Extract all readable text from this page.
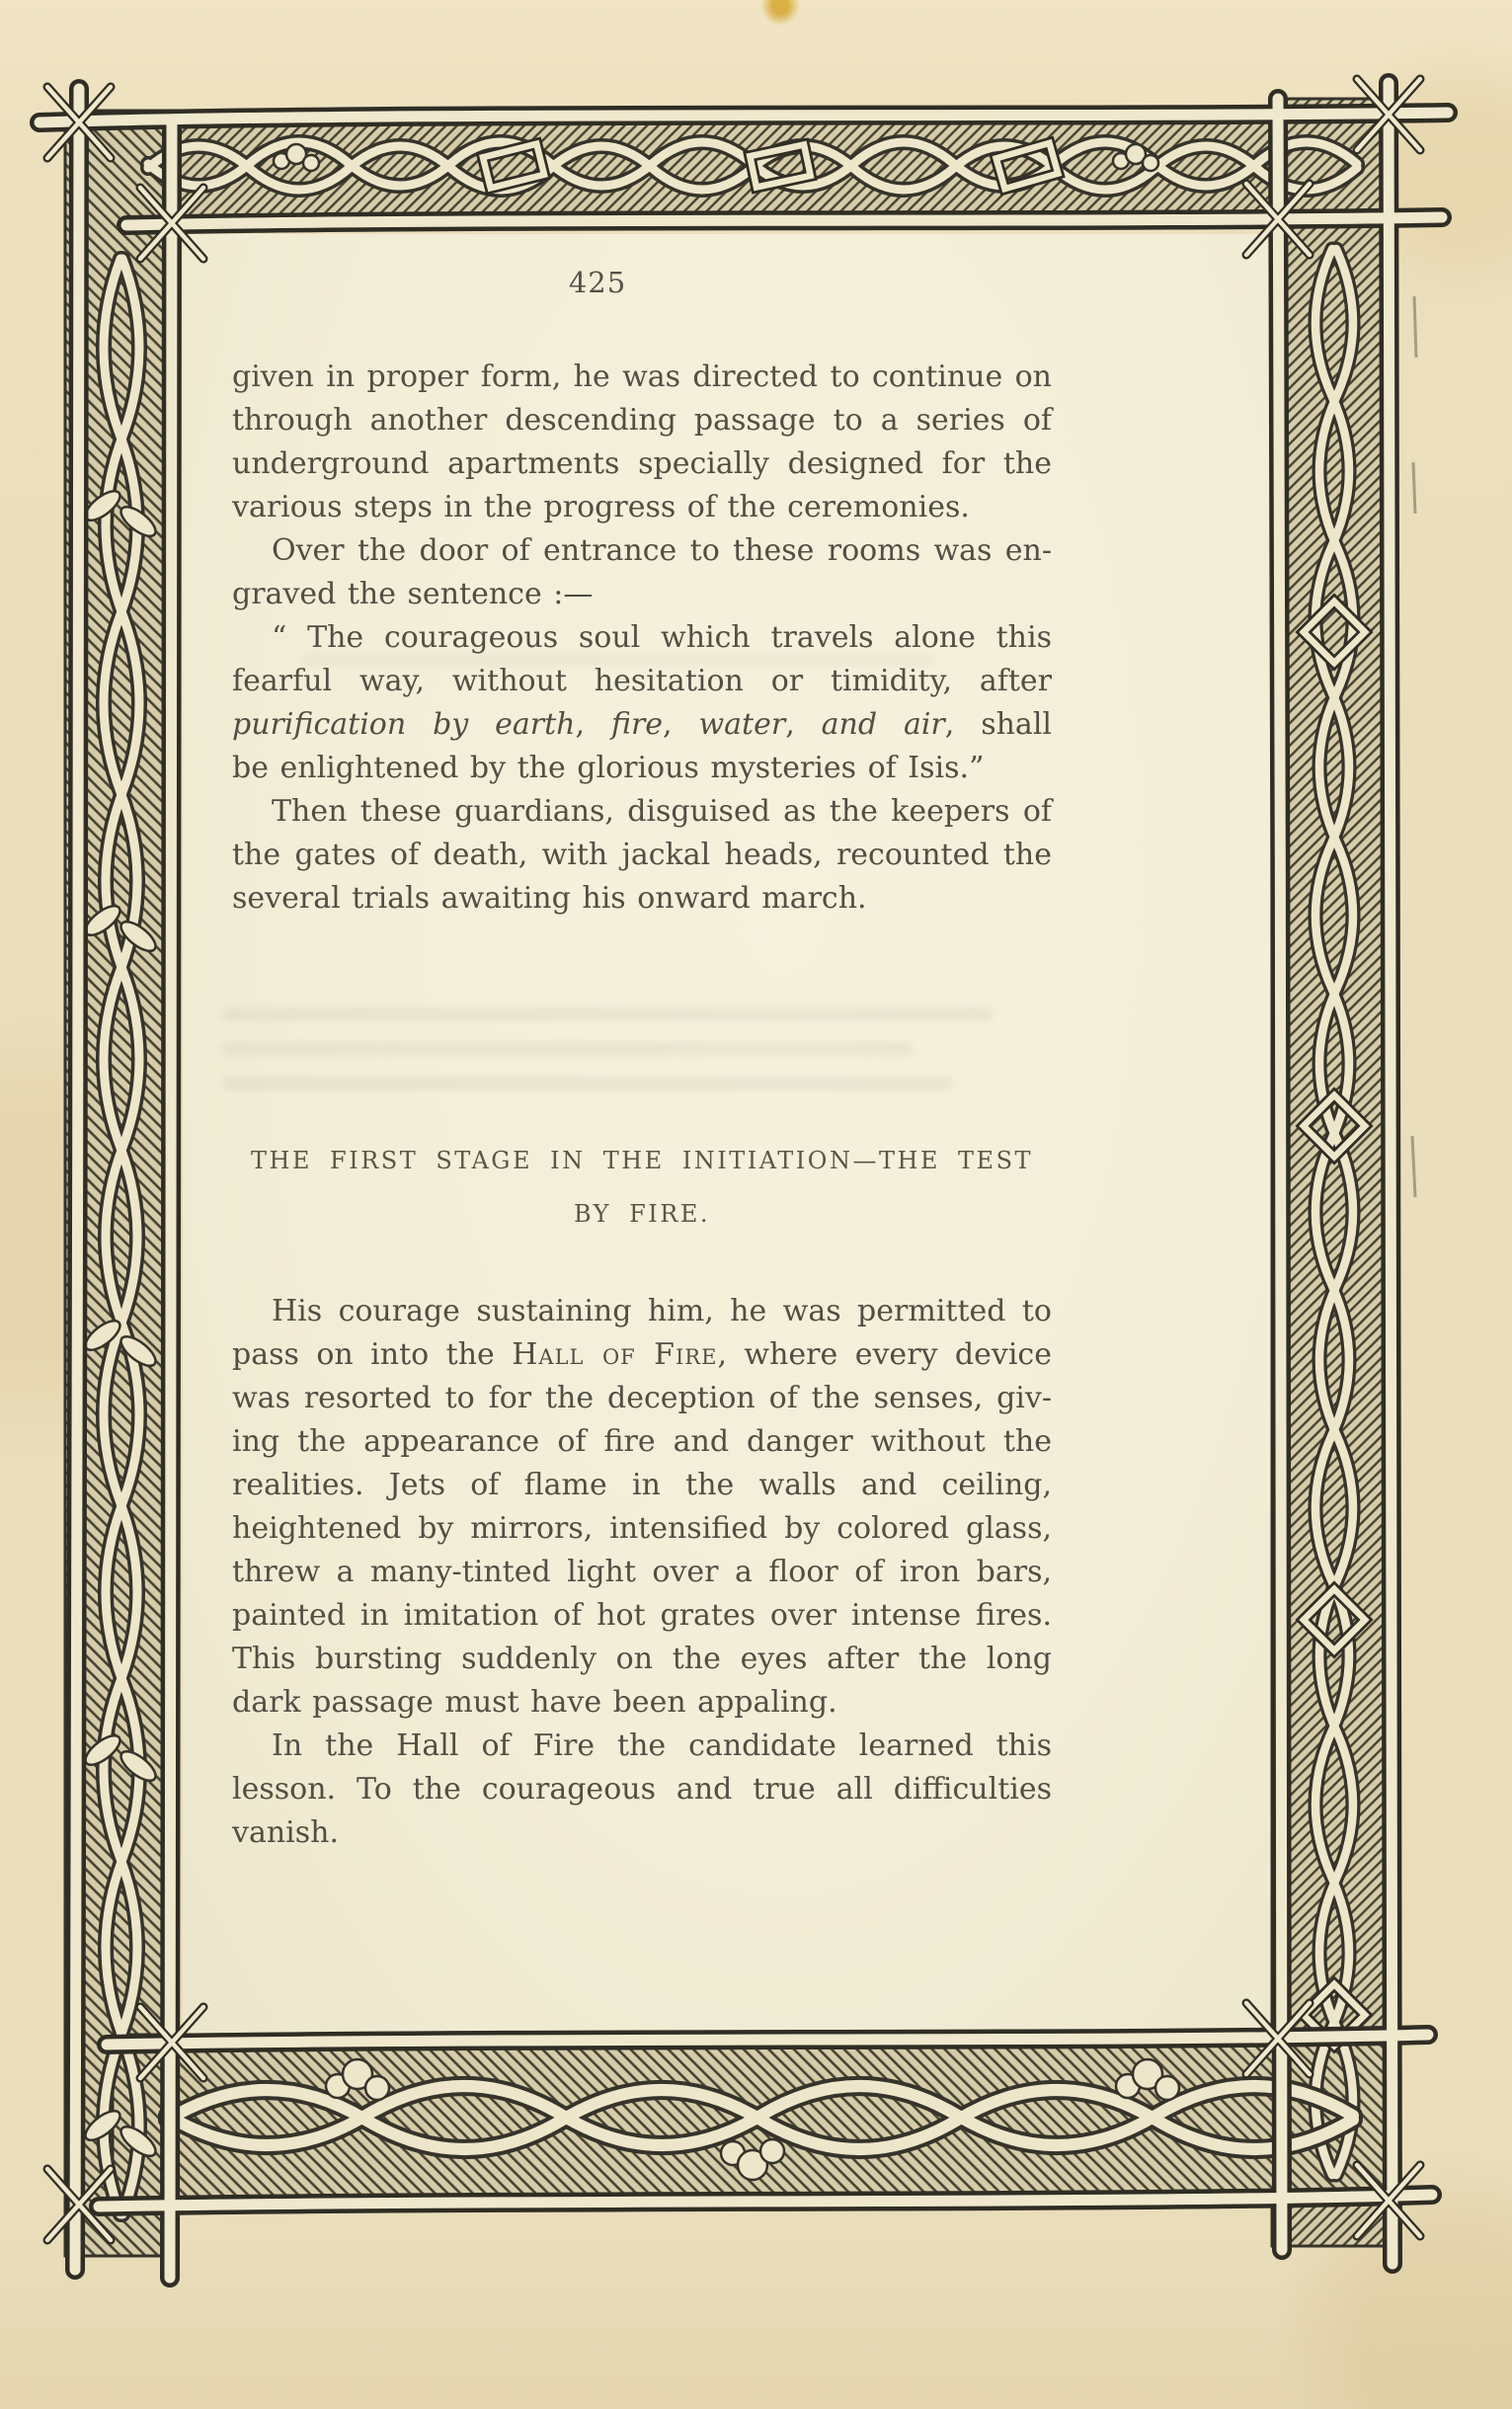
425
given in proper form, he was directed to continue on
through another descending passage to a series of
underground apartments specially designed for the
various steps in the progress of the ceremonies.
Over the door of entrance to these rooms was en-
graved the sentence :—
“ The courageous soul which travels alone this
fearful way, without hesitation or timidity, after
purification by earth, fire, water, and air, shall
be enlightened by the glorious mysteries of Isis.”
Then these guardians, disguised as the keepers of
the gates of death, with jackal heads, recounted the
several trials awaiting his onward march.
THE FIRST STAGE IN THE INITIATION—THE TEST
BY FIRE.
His courage sustaining him, he was permitted to
pass on into the Hall of Fire, where every device
was resorted to for the deception of the senses, giv-
ing the appearance of fire and danger without the
realities. Jets of flame in the walls and ceiling,
heightened by mirrors, intensified by colored glass,
threw a many-tinted light over a floor of iron bars,
painted in imitation of hot grates over intense fires.
This bursting suddenly on the eyes after the long
dark passage must have been appaling.
In the Hall of Fire the candidate learned this
lesson. To the courageous and true all difficulties
vanish.
